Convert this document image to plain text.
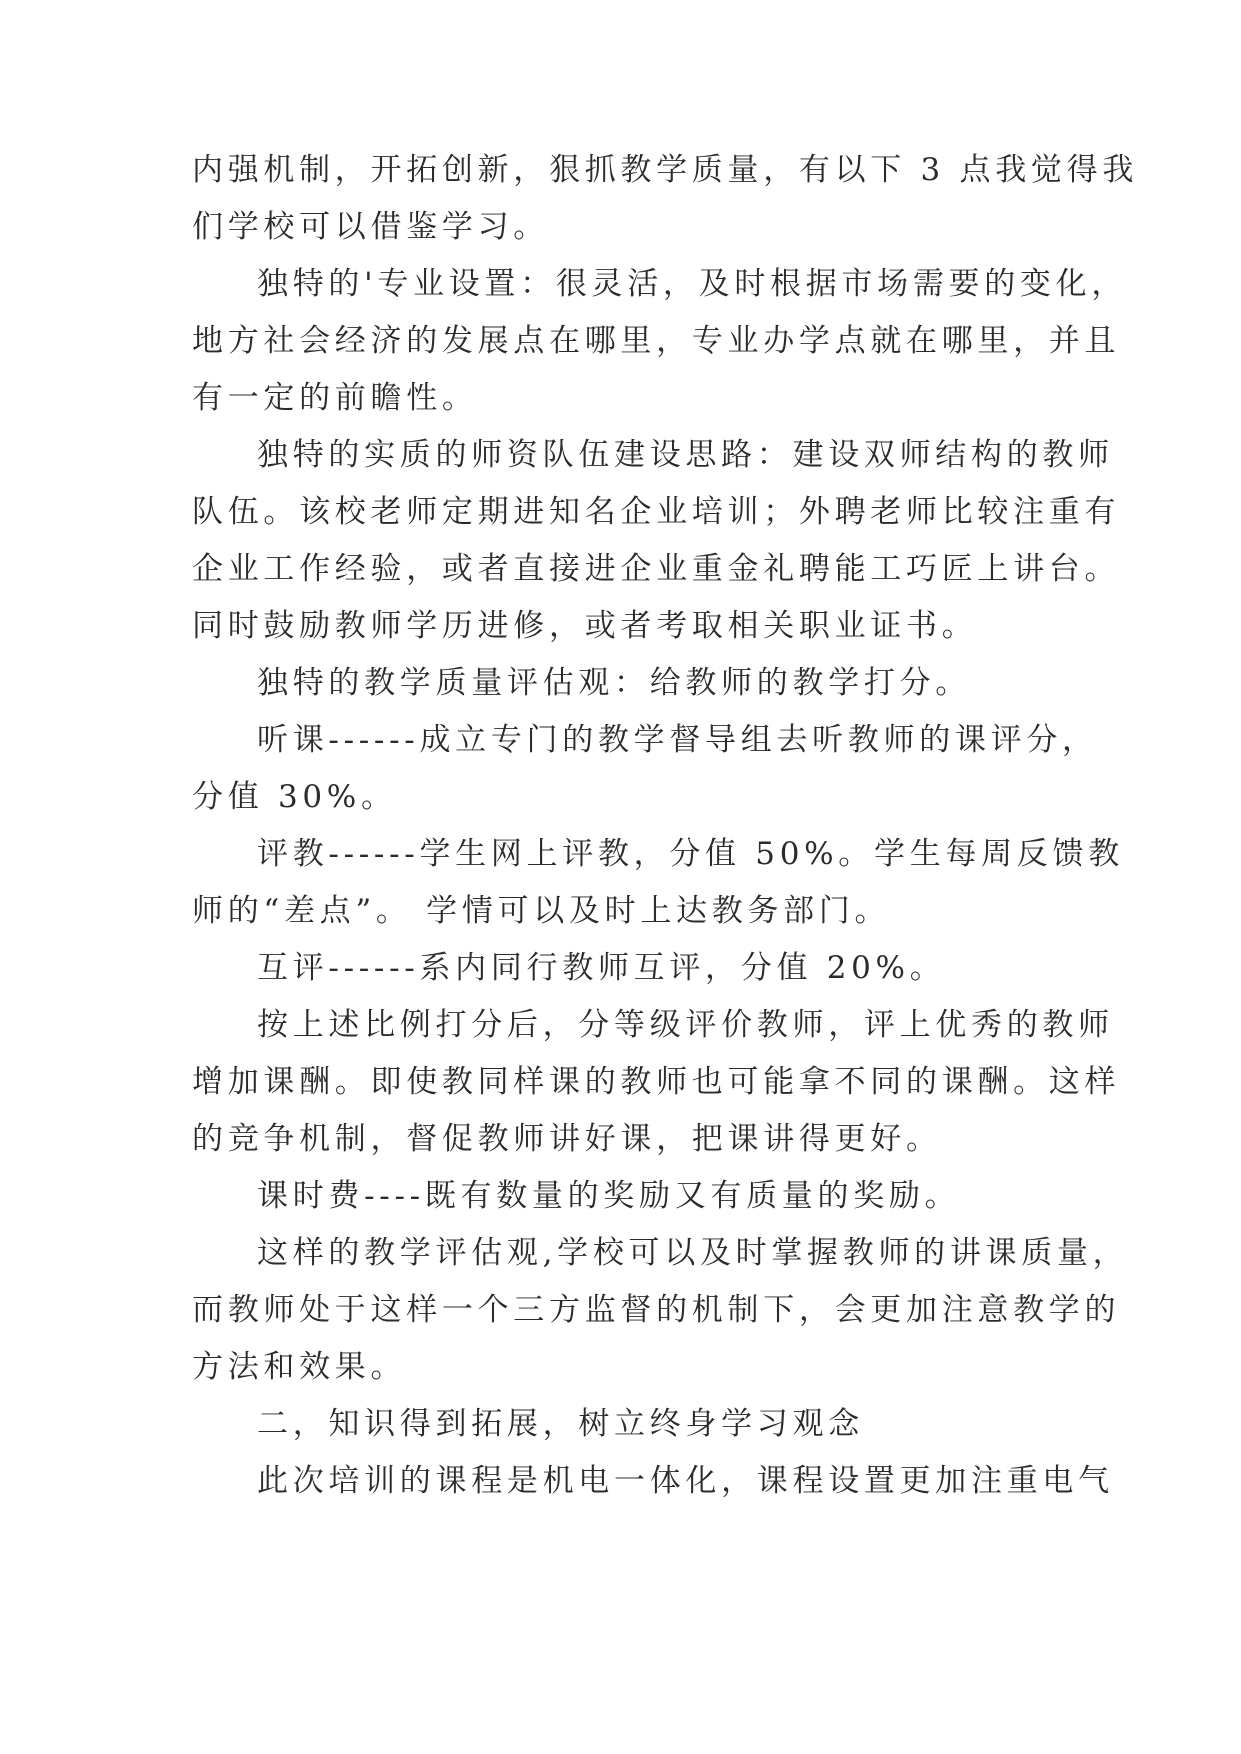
内强机制，开拓创新，狠抓教学质量，有以下 3 点我觉得我
们学校可以借鉴学习。
独特的'专业设置：很灵活，及时根据市场需要的变化，
地方社会经济的发展点在哪里，专业办学点就在哪里，并且
有一定的前瞻性。
独特的实质的师资队伍建设思路：建设双师结构的教师
队伍。该校老师定期进知名企业培训；外聘老师比较注重有
企业工作经验，或者直接进企业重金礼聘能工巧匠上讲台。
同时鼓励教师学历进修，或者考取相关职业证书。
独特的教学质量评估观：给教师的教学打分。
听课------成立专门的教学督导组去听教师的课评分，
分值 30%。
评教------学生网上评教，分值 50%。学生每周反馈教
师的“差点”。 学情可以及时上达教务部门。
互评------系内同行教师互评，分值 20%。
按上述比例打分后，分等级评价教师，评上优秀的教师
增加课酬。即使教同样课的教师也可能拿不同的课酬。这样
的竞争机制，督促教师讲好课，把课讲得更好。
课时费----既有数量的奖励又有质量的奖励。
这样的教学评估观,学校可以及时掌握教师的讲课质量，
而教师处于这样一个三方监督的机制下，会更加注意教学的
方法和效果。
二，知识得到拓展，树立终身学习观念
此次培训的课程是机电一体化，课程设置更加注重电气
